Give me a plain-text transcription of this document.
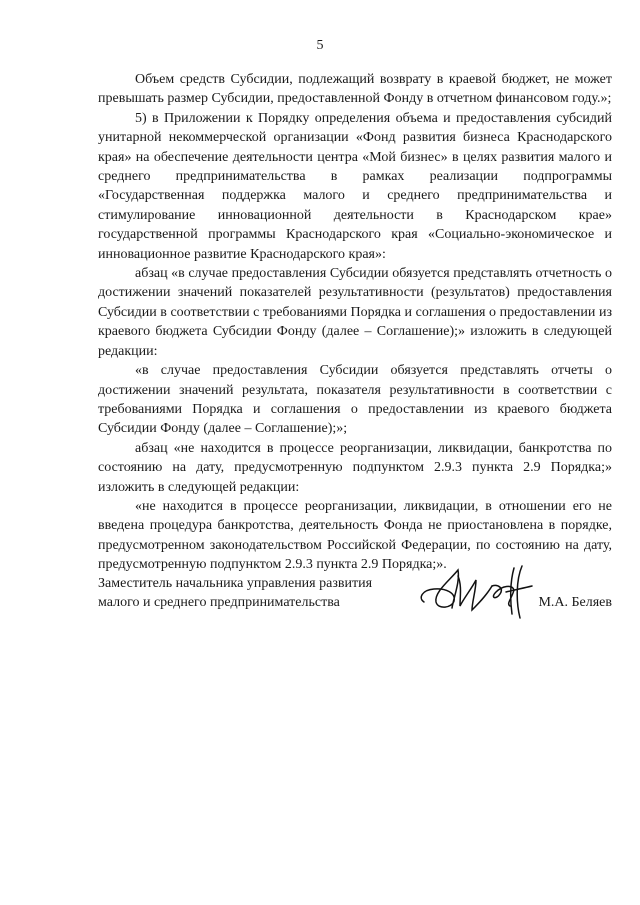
5

Объем средств Субсидии, подлежащий возврату в краевой бюджет, не может превышать размер Субсидии, предоставленной Фонду в отчетном финансовом году.»;

5) в Приложении к Порядку определения объема и предоставления субсидий унитарной некоммерческой организации «Фонд развития бизнеса Краснодарского края» на обеспечение деятельности центра «Мой бизнес» в целях развития малого и среднего предпринимательства в рамках реализации подпрограммы «Государственная поддержка малого и среднего предпринимательства и стимулирование инновационной деятельности в Краснодарском крае» государственной программы Краснодарского края «Социально-экономическое и инновационное развитие Краснодарского края»:

абзац «в случае предоставления Субсидии обязуется представлять отчетность о достижении значений показателей результативности (результатов) предоставления Субсидии в соответствии с требованиями Порядка и соглашения о предоставлении из краевого бюджета Субсидии Фонду (далее – Соглашение);» изложить в следующей редакции:

«в случае предоставления Субсидии обязуется представлять отчеты о достижении значений результата, показателя результативности в соответствии с требованиями Порядка и соглашения о предоставлении из краевого бюджета Субсидии Фонду (далее – Соглашение);»;

абзац «не находится в процессе реорганизации, ликвидации, банкротства по состоянию на дату, предусмотренную подпунктом 2.9.3 пункта 2.9 Порядка;» изложить в следующей редакции:

«не находится в процессе реорганизации, ликвидации, в отношении его не введена процедура банкротства, деятельность Фонда не приостановлена в порядке, предусмотренном законодательством Российской Федерации, по состоянию на дату, предусмотренную подпунктом 2.9.3 пункта 2.9 Порядка;».

Заместитель начальника управления развития
малого и среднего предпринимательства	М.А. Беляев
